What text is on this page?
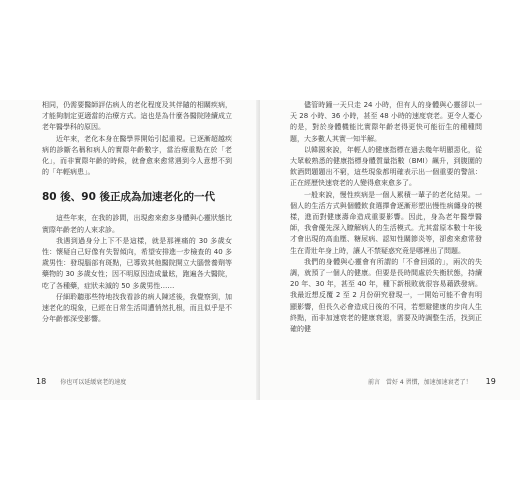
相同，仍需要醫師評估病人的老化程度及其伴隨的相關疾病，才能夠制定更適當的治療方式。這也是為什麼各醫院陸續成立老年醫學科的原因。

近年來，老化本身在醫學界開始引起重視。已逐漸超越疾病的診斷名稱和病人的實際年齡數字，當治療重點在於「老化」，而非實際年齡的時候，就會愈來愈常遇到今人意想不到的「年輕病患」。

80 後、90 後正成為加速老化的一代

這些年來，在我的診間，出現愈來愈多身體與心靈狀態比實際年齡老的人來求診。

我遇到過身分上下不是這樣，就是那裡痛的 30 多歲女性：懷疑自己好像有失智傾向，希望安排進一步檢查的 40 多歲男性：發現腦部有斑點，已導致其他醫院開立大腦營養劑等藥物的 30 多歲女性；因不明原因造成量眩，跑遍各大醫院，吃了各種藥，症狀未減的 50 多歲男性……

仔細聆聽那些特地找我看診的病人陳述後，我覺察到，加速老化的現象，已經在日常生活周遭悄然扎根，而且似乎是不分年齡都深受影響。

18 你也可以延緩衰老的速度

儘管時鐘一天只走 24 小時，但有人的身體與心靈卻以一天 28 小時、36 小時，甚至 48 小時的速度衰老。更令人憂心的是，對於身體機能比實際年齡老得更快可能衍生的種種問題，大多數人其實一知半解。

以韓國來說，年輕人的健康指標在過去幾年明顯惡化，從大眾較熟悉的健康指標身體質量指數（BMI）飆升，到腹圍的飲酒問題題出不窮，這些現象都明確表示出一個重要的警訊：正在經歷快速衰老的人變得愈來愈多了。

一般來說，慢性疾病是一個人累積一輩子的老化結果。一個人的生活方式與個體飲食選擇會逐漸形塑出慢性病纏身的模樣，進而對健康壽命造成重要影響。因此，身為老年醫學醫師，我會優先深入瞭解病人的生活模式。尤其當原本數十年後才會出現的高血壓、糖尿病、認知性關節炎等，卻愈來愈常發生在青壯年身上時，讓人不禁疑惑究竟是哪裡出了問題。

我們的身體與心靈會有所謂的「不會回頭的」，兩次的失調，就預了一個人的健康。但要是長時間處於失衡狀態，持續 20 年、30 年，甚至 40 年，種下新根敗就很容易藉跌發病。我最近想反覆 2 至 2 月份研究發現一，一開始可能不會有明顯影響，但長久必會造成日後的不同，若想避健康的步向人生終點，而非加速衰老的健康衰退，需要及時調整生活，找到正確的健

前言　當好 4 習慣，加速加速衰老了！ 19
